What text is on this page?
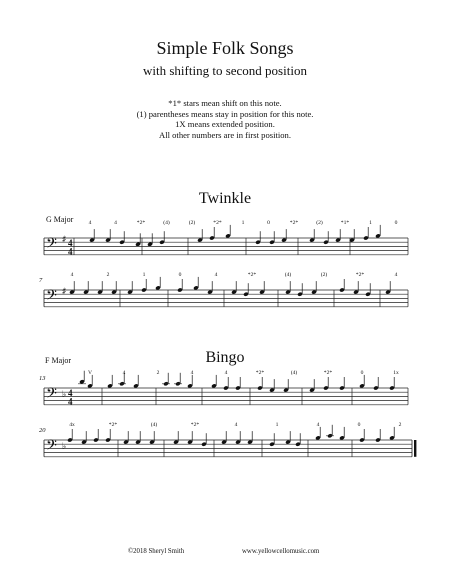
Simple Folk Songs
with shifting to second position
*1* stars mean shift on this note.
(1) parentheses means stay in position for this note.
1X means extended position.
All other numbers are in first position.
Twinkle
G Major
Bingo
F Major
𝄢 ♯ 4
4
4	4	*2*	(4)	(2)	*2*	1	0	*2*	(2)	*1*	1	0
𝄢 ♯
7
4	2	1	0	4	*2*	(4)	(2)	*2*	4
𝄢 ♭ 4
4
13
V	4	2	4	4	*2*	(4)	*2*	0	1x
𝄢 ♭
20
4x	*2*	(4)	*2*	4	1	4	0	2
©2018 Sheryl Smith	www.yellowcellomusic.com
